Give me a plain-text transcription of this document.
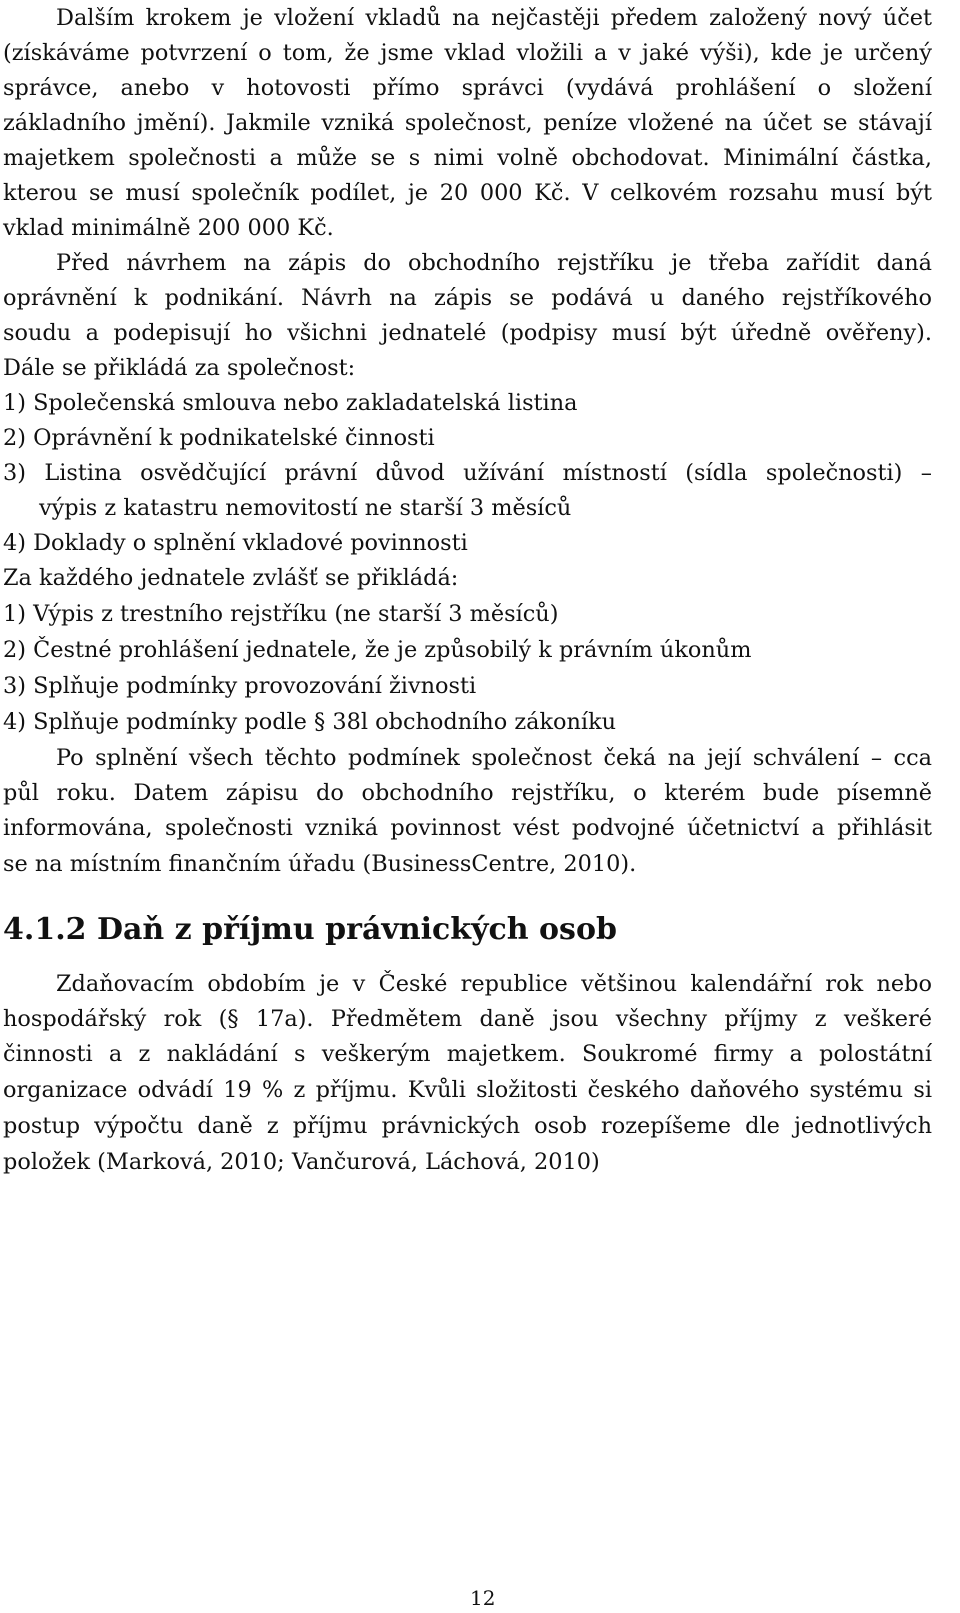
Dalším krokem je vložení vkladů na nejčastěji předem založený nový účet
(získáváme potvrzení o tom, že jsme vklad vložili a v jaké výši), kde je určený
správce, anebo v hotovosti přímo správci (vydává prohlášení o složení
základního jmění). Jakmile vzniká společnost, peníze vložené na účet se stávají
majetkem společnosti a může se s nimi volně obchodovat. Minimální částka,
kterou se musí společník podílet, je 20 000 Kč. V celkovém rozsahu musí být
vklad minimálně 200 000 Kč.
Před návrhem na zápis do obchodního rejstříku je třeba zařídit daná
oprávnění k podnikání. Návrh na zápis se podává u daného rejstříkového
soudu a podepisují ho všichni jednatelé (podpisy musí být úředně ověřeny).
Dále se přikládá za společnost:
1) Společenská smlouva nebo zakladatelská listina
2) Oprávnění k podnikatelské činnosti
3) Listina osvědčující právní důvod užívání místností (sídla společnosti) –
výpis z katastru nemovitostí ne starší 3 měsíců
4) Doklady o splnění vkladové povinnosti
Za každého jednatele zvlášť se přikládá:
1) Výpis z trestního rejstříku (ne starší 3 měsíců)
2) Čestné prohlášení jednatele, že je způsobilý k právním úkonům
3) Splňuje podmínky provozování živnosti
4) Splňuje podmínky podle § 38l obchodního zákoníku
Po splnění všech těchto podmínek společnost čeká na její schválení – cca
půl roku. Datem zápisu do obchodního rejstříku, o kterém bude písemně
informována, společnosti vzniká povinnost vést podvojné účetnictví a přihlásit
se na místním finančním úřadu (BusinessCentre, 2010).
4.1.2 Daň z příjmu právnických osob
Zdaňovacím obdobím je v České republice většinou kalendářní rok nebo
hospodářský rok (§ 17a). Předmětem daně jsou všechny příjmy z veškeré
činnosti a z nakládání s veškerým majetkem. Soukromé firmy a polostátní
organizace odvádí 19 % z příjmu. Kvůli složitosti českého daňového systému si
postup výpočtu daně z příjmu právnických osob rozepíšeme dle jednotlivých
položek (Marková, 2010; Vančurová, Láchová, 2010)
12
